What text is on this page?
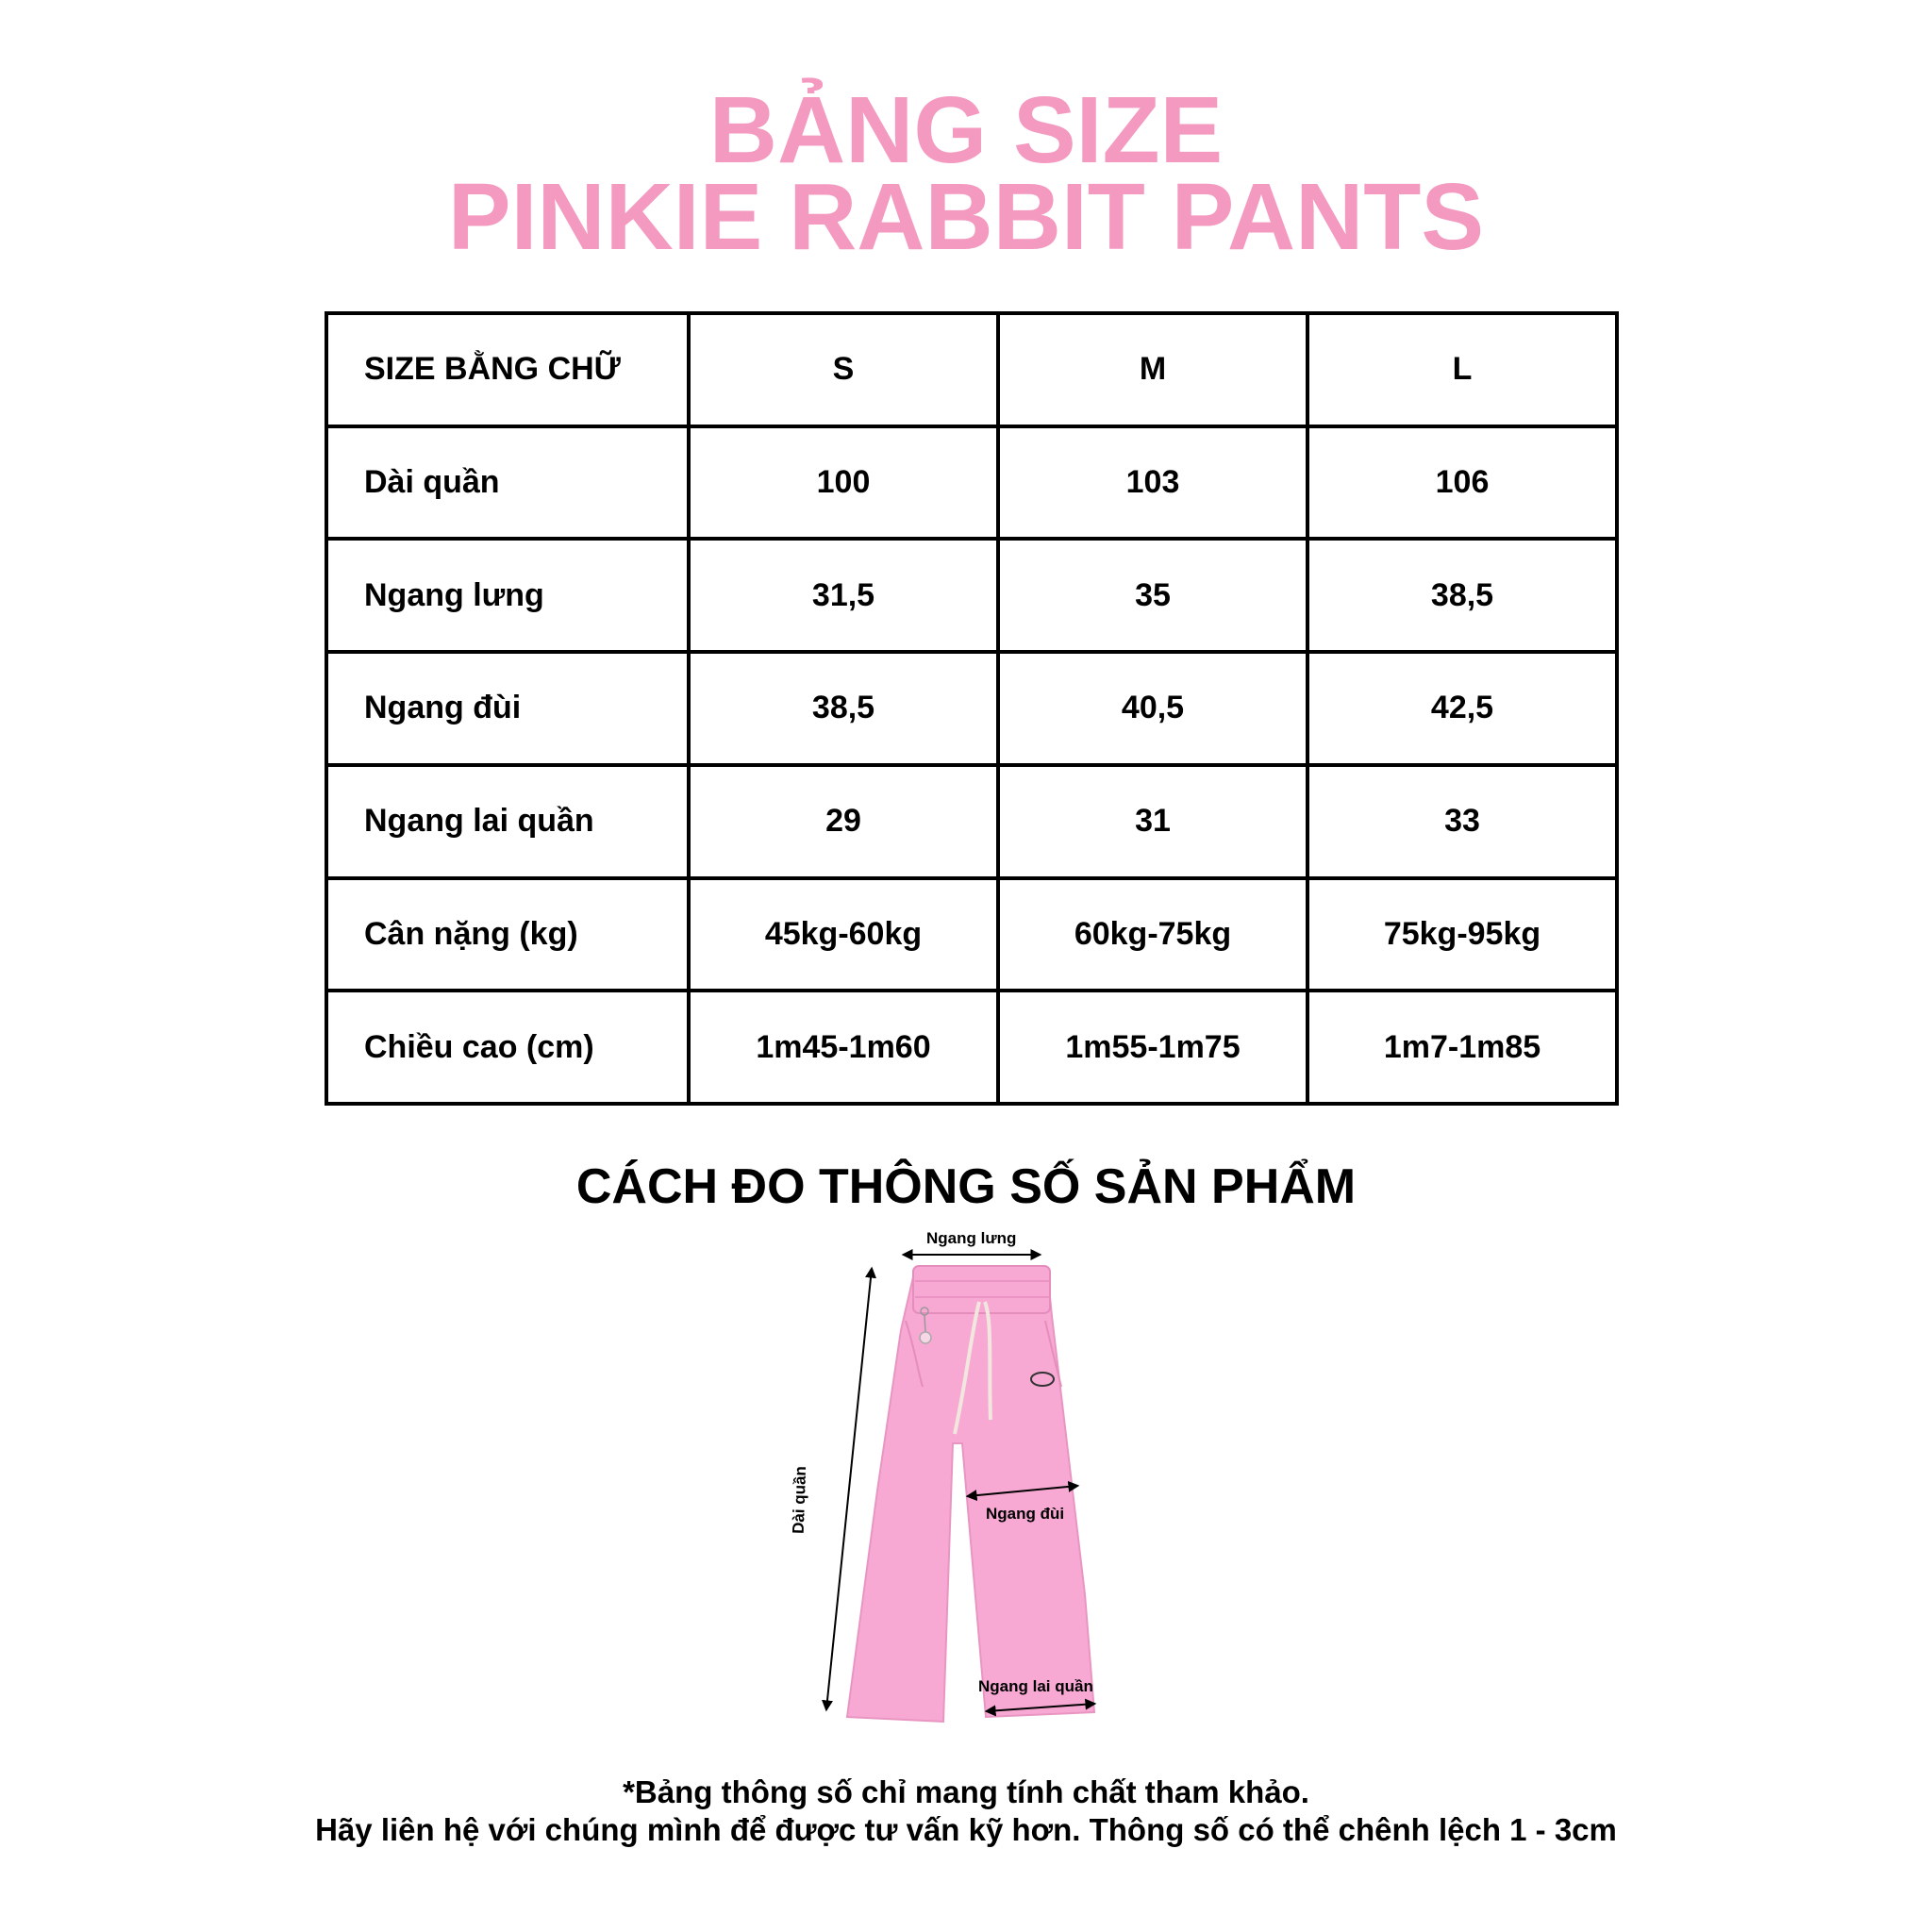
BẢNG SIZE
PINKIE RABBIT PANTS
SIZE BẰNG CHỮ	S	M	L
Dài quần	100	103	106
Ngang lưng	31,5	35	38,5
Ngang đùi	38,5	40,5	42,5
Ngang lai quần	29	31	33
Cân nặng (kg)	45kg-60kg	60kg-75kg	75kg-95kg
Chiều cao (cm)	1m45-1m60	1m55-1m75	1m7-1m85
CÁCH ĐO THÔNG SỐ SẢN PHẨM
Ngang lưng
Dài quần	Ngang đùi
Ngang lai quần
*Bảng thông số chỉ mang tính chất tham khảo.
Hãy liên hệ với chúng mình để được tư vấn kỹ hơn. Thông số có thể chênh lệch 1 - 3cm
